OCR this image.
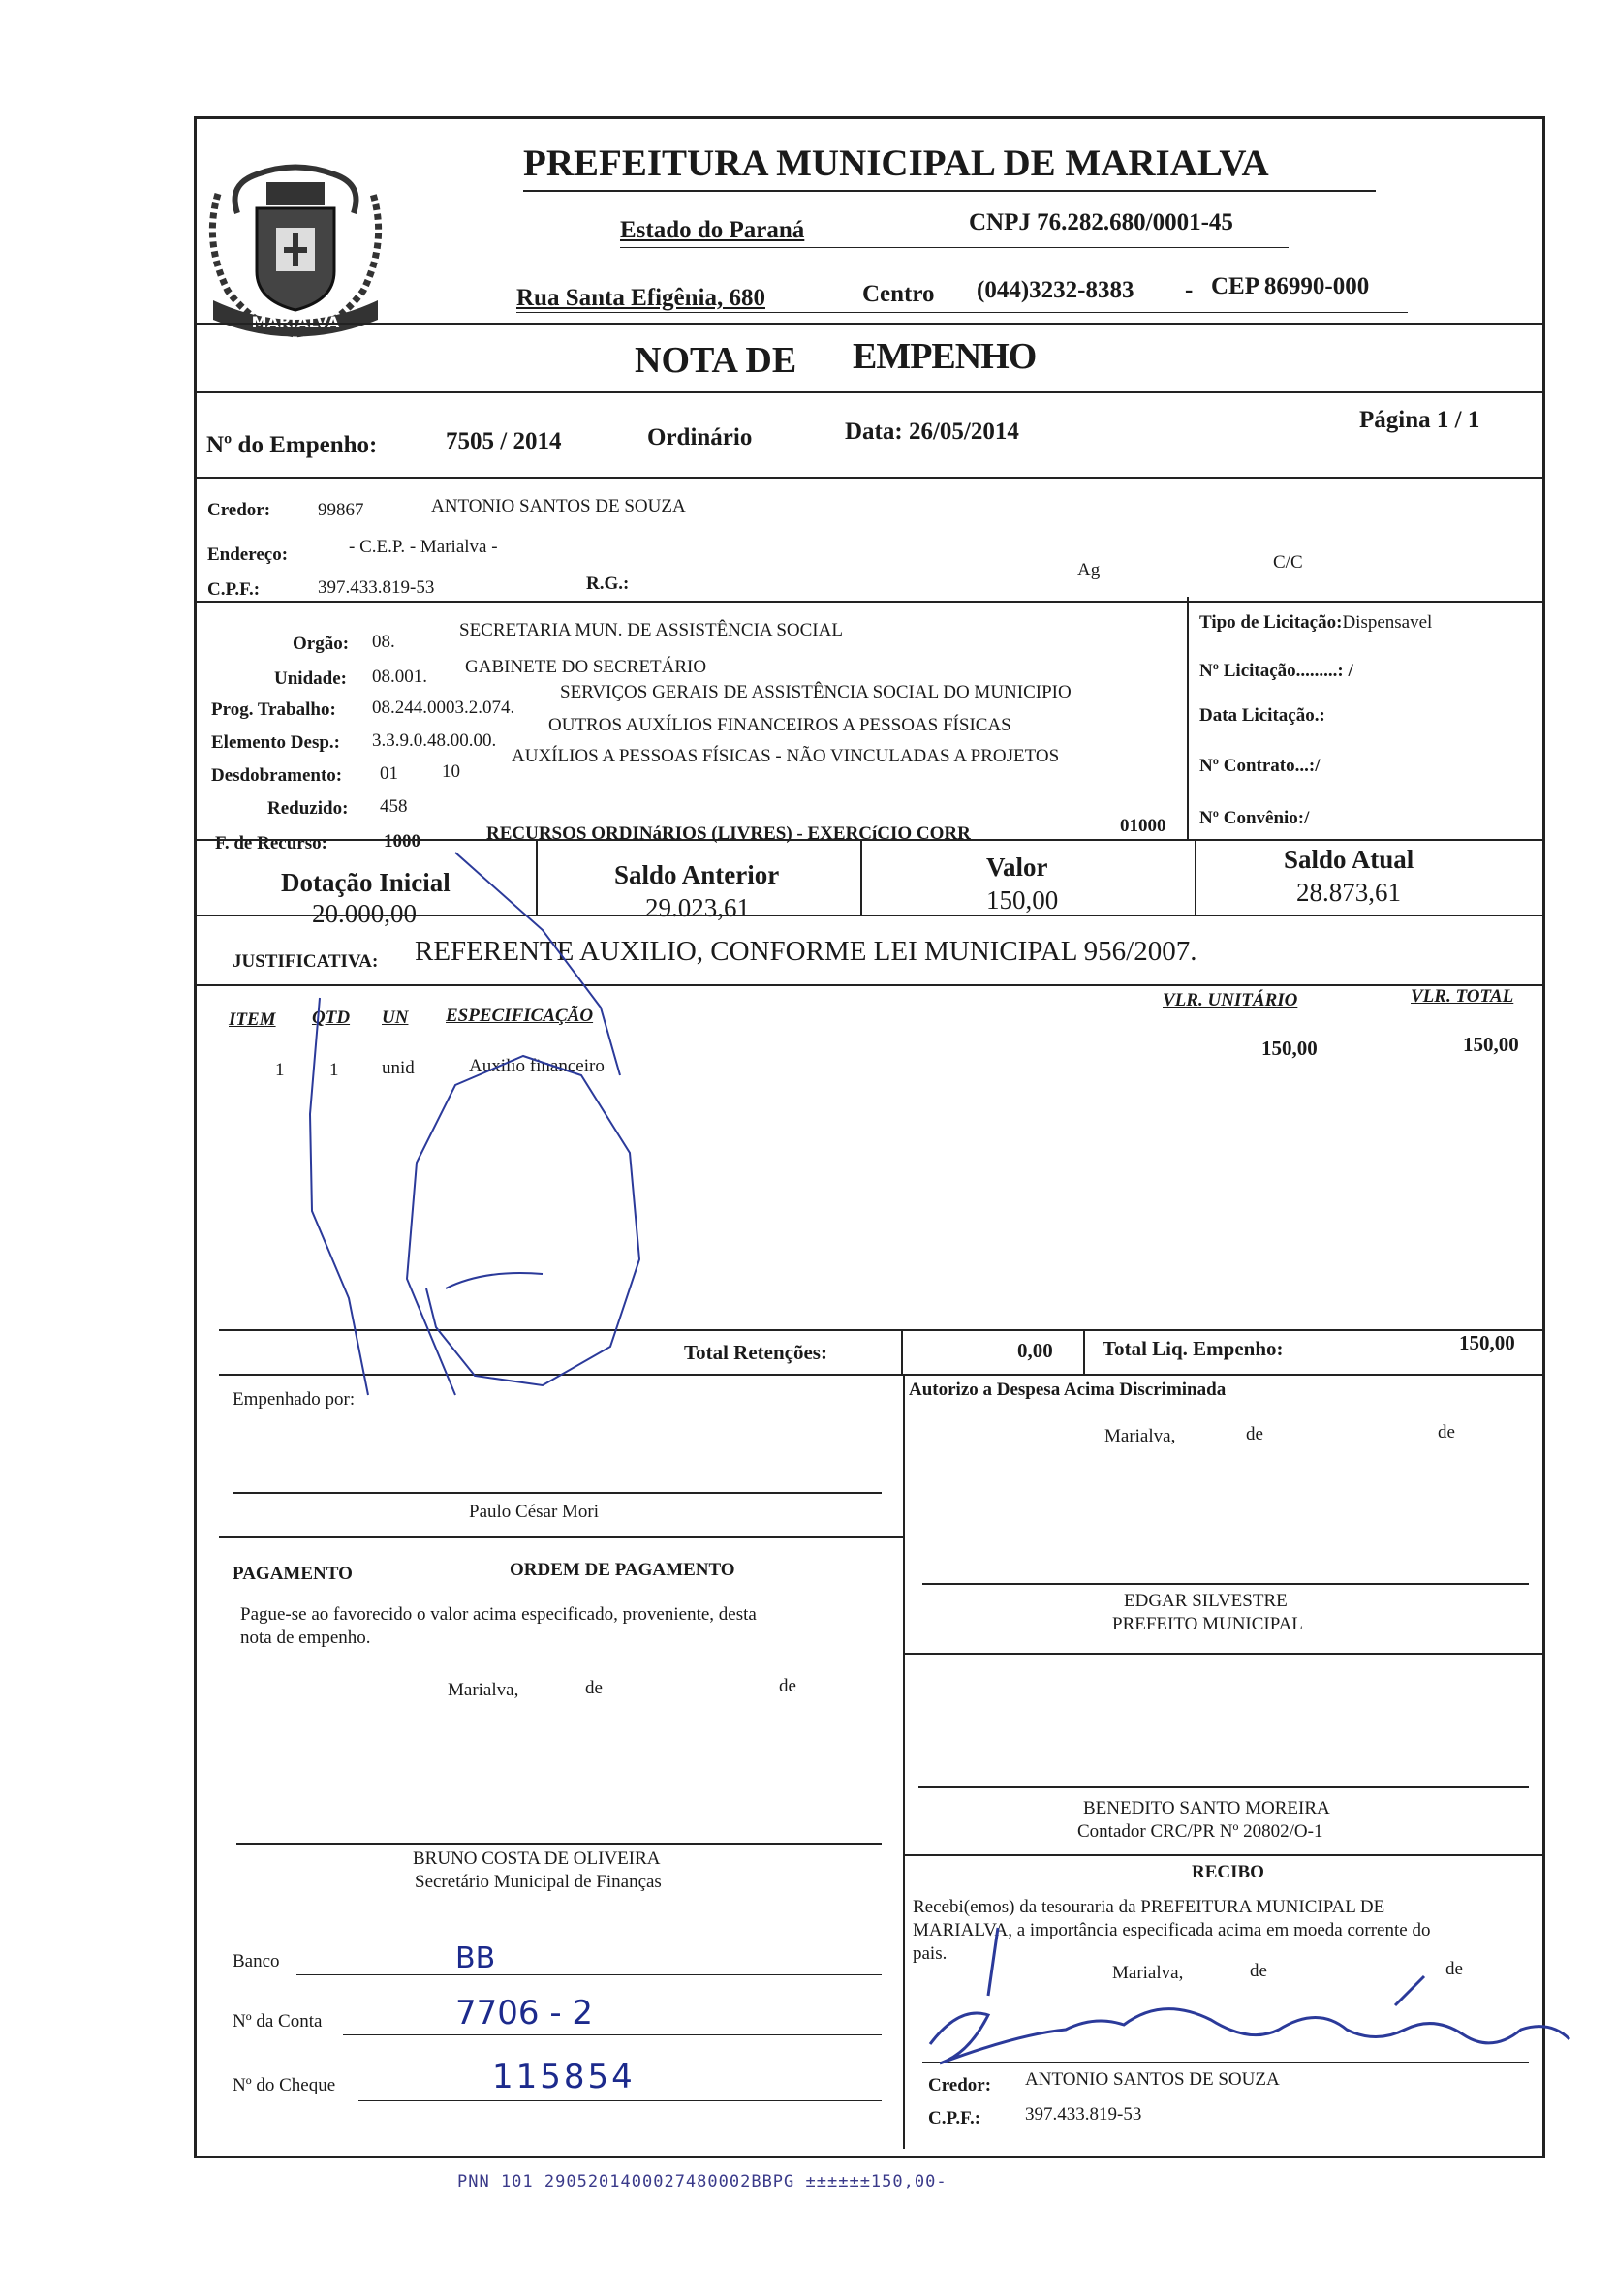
MARIALVA
PREFEITURA MUNICIPAL DE MARIALVA
Estado do Paraná	CNPJ 76.282.680/0001-45
Rua Santa Efigênia, 680	Centro (044)3232-8383 - CEP 86990-000
NOTA DE EMPENHO
Nº do Empenho:	7505 / 2014	Ordinário	Data: 26/05/2014	Página 1 / 1
Credor:	99867	ANTONIO SANTOS DE SOUZA
Endereço:	- C.E.P. - Marialva -
C.P.F.:	397.433.819-53	R.G.:
Ag	C/C
Orgão: 08.
SECRETARIA MUN. DE ASSISTÊNCIA SOCIAL
Unidade: 08.001. GABINETE DO SECRETÁRIO
Prog. Trabalho: 08.244.0003.2.074.
SERVIÇOS GERAIS DE ASSISTÊNCIA SOCIAL DO MUNICIPIO
Elemento Desp.: 3.3.9.0.48.00.00.
OUTROS AUXÍLIOS FINANCEIROS A PESSOAS FÍSICAS
Desdobramento: 01 10
AUXÍLIOS A PESSOAS FÍSICAS - NÃO VINCULADAS A PROJETOS
Reduzido: 458
F. de Recurso:	1000	RECURSOS ORDINáRIOS (LIVRES) - EXERCíCIO CORR	01000
Tipo de Licitação:Dispensavel
Nº Licitação.........: /
Data Licitação.:
Nº Contrato...:/
Nº Convênio:/
Dotação Inicial
20.000,00
Saldo Anterior
29.023,61
Valor
150,00
Saldo Atual
28.873,61
JUSTIFICATIVA: REFERENTE AUXILIO, CONFORME LEI MUNICIPAL 956/2007.
ITEM QTD UN ESPECIFICAÇÃO
VLR. UNITÁRIO	VLR. TOTAL
1 1 unid	Auxilio financeiro
150,00	150,00
Total Retenções:	0,00 Total Liq. Empenho:	150,00
Empenhado por:
Paulo César Mori
PAGAMENTO	ORDEM DE PAGAMENTO
Pague-se ao favorecido o valor acima especificado, proveniente, desta
nota de empenho.
Marialva,	de	de
BRUNO COSTA DE OLIVEIRA
Secretário Municipal de Finanças
Banco	BB
Nº da Conta	7706 - 2
Nº do Cheque	115854
Autorizo a Despesa Acima Discriminada
Marialva,	de	de
EDGAR SILVESTRE
PREFEITO MUNICIPAL
BENEDITO SANTO MOREIRA
Contador CRC/PR Nº 20802/O-1
RECIBO
Recebi(emos) da tesouraria da PREFEITURA MUNICIPAL DE
MARIALVA, a importância especificada acima em moeda corrente do
pais.
Marialva,	de	de
Credor: ANTONIO SANTOS DE SOUZA
C.P.F.: 397.433.819-53
PNN 101 2905201400027480002BBPG ±±±±±±150,00-
